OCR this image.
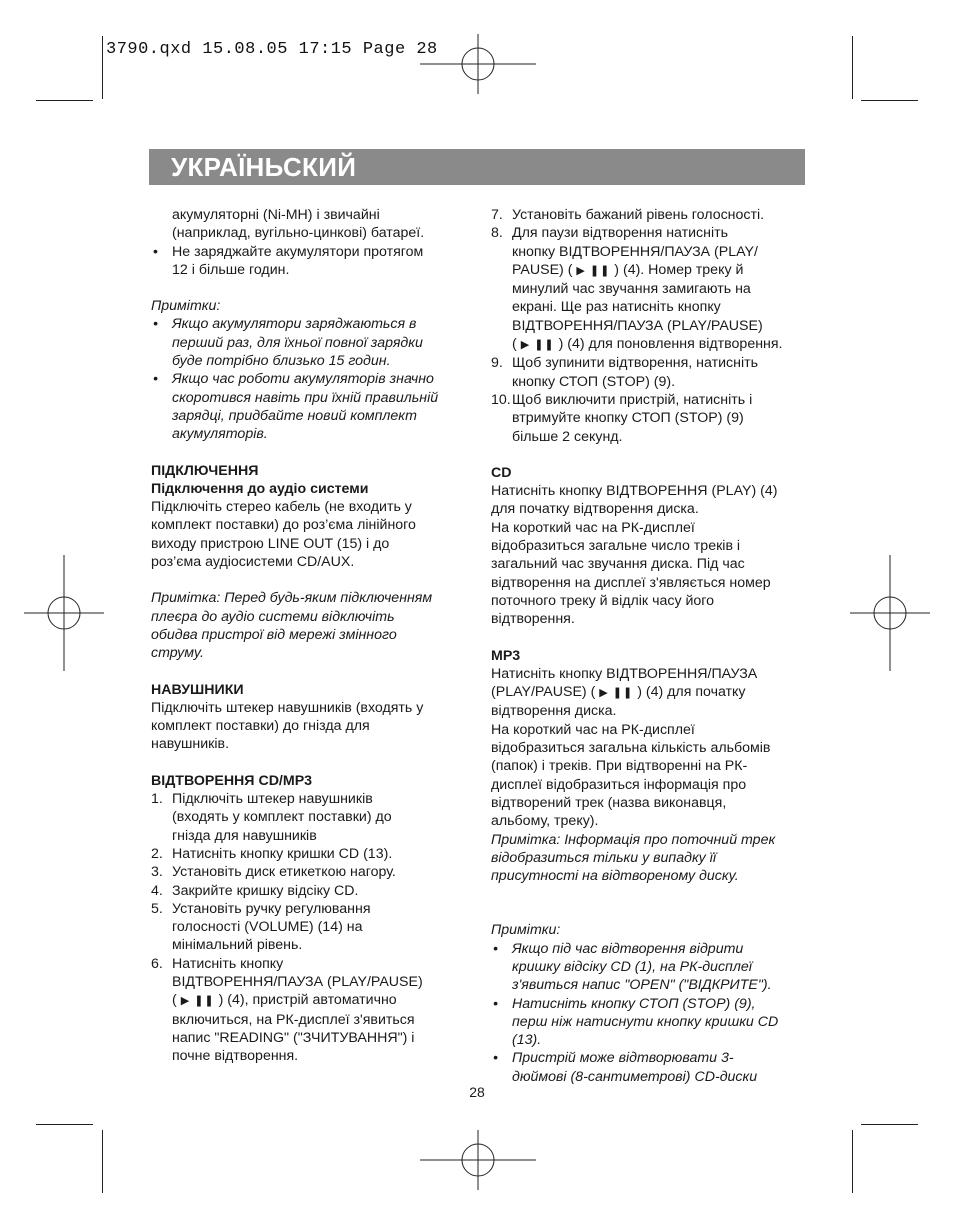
3790.qxd 15.08.05 17:15 Page 28
УКРАЇНЬСКИЙ

акумуляторні (Ni-MH) і звичайні

(наприклад, вугільно-цинкові) батареї.

• Не заряджайте акумулятори протягом

12 і більше годин.

Примітки:

• Якщо акумулятори заряджаються в

перший раз, для їхньої повної зарядки

буде потрібно близько 15 годин.

• Якщо час роботи акумуляторів значно

скоротився навіть при їхній правильній

зарядці, придбайте новий комплект

акумуляторів.

ПІДКЛЮЧЕННЯ

Підключення до аудіо системи

Підключіть стерео кабель (не входить у

комплект поставки) до роз’єма лінійного

виходу пристрою LINE OUT (15) і до

роз’єма аудіосистеми CD/AUX.

Примітка: Перед будь-яким підключенням

плеєра до аудіо системи відключіть

обидва пристрої від мережі змінного

струму.

НАВУШНИКИ

Підключіть штекер навушників (входять у

комплект поставки) до гнізда для

навушників.

ВІДТВОРЕННЯ CD/MP3

1. Підключіть штекер навушників

(входять у комплект поставки) до

гнізда для навушників

2. Натисніть кнопку кришки CD (13).

3. Установіть диск етикеткою нагору.

4. Закрийте кришку відсіку CD.

5. Установіть ручку регулювання

голосності (VOLUME) (14) на

мінімальний рівень.

6. Натисніть кнопку

ВІДТВОРЕННЯ/ПАУЗА (PLAY/PAUSE)

( ▶ ❚❚ ) (4), пристрій автоматично

включиться, на РК-дисплеї з'явиться

напис "READING" ("ЗЧИТУВАННЯ") і

почне відтворення.

7. Установіть бажаний рівень голосності.

8. Для паузи відтворення натисніть

кнопку ВІДТВОРЕННЯ/ПАУЗА (PLAY/

PAUSE) ( ▶ ❚❚ ) (4). Номер треку й

минулий час звучання замигають на

екрані. Ще раз натисніть кнопку

ВІДТВОРЕННЯ/ПАУЗА (PLAY/PAUSE)

( ▶ ❚❚ ) (4) для поновлення відтворення.

9. Щоб зупинити відтворення, натисніть

кнопку СТОП (STOP) (9).

10. Щоб виключити пристрій, натисніть і

втримуйте кнопку СТОП (STOP) (9)

більше 2 секунд.

CD

Натисніть кнопку ВІДТВОРЕННЯ (PLAY) (4)

для початку відтворення диска.

На короткий час на РК-дисплеї

відобразиться загальне число треків і

загальний час звучання диска. Під час

відтворення на дисплеї з'являється номер

поточного треку й відлік часу його

відтворення.

MP3

Натисніть кнопку ВІДТВОРЕННЯ/ПАУЗА

(PLAY/PAUSE) ( ▶ ❚❚ ) (4) для початку

відтворення диска.

На короткий час на РК-дисплеї

відобразиться загальна кількість альбомів

(папок) і треків. При відтворенні на РК-

дисплеї відобразиться інформація про

відтворений трек (назва виконавця,

альбому, треку).

Примітка: Інформація про поточний трек

відобразиться тільки у випадку її

присутності на відтвореному диску.

Примітки:

• Якщо під час відтворення відрити

кришку відсіку CD (1), на РК-дисплеї

з'явиться напис "OPEN" ("ВІДКРИТЕ").

• Натисніть кнопку СТОП (STOP) (9),

перш ніж натиснути кнопку кришки CD

(13).

• Пристрій може відтворювати 3-

дюймові (8-сантиметрові) CD-диски

28
